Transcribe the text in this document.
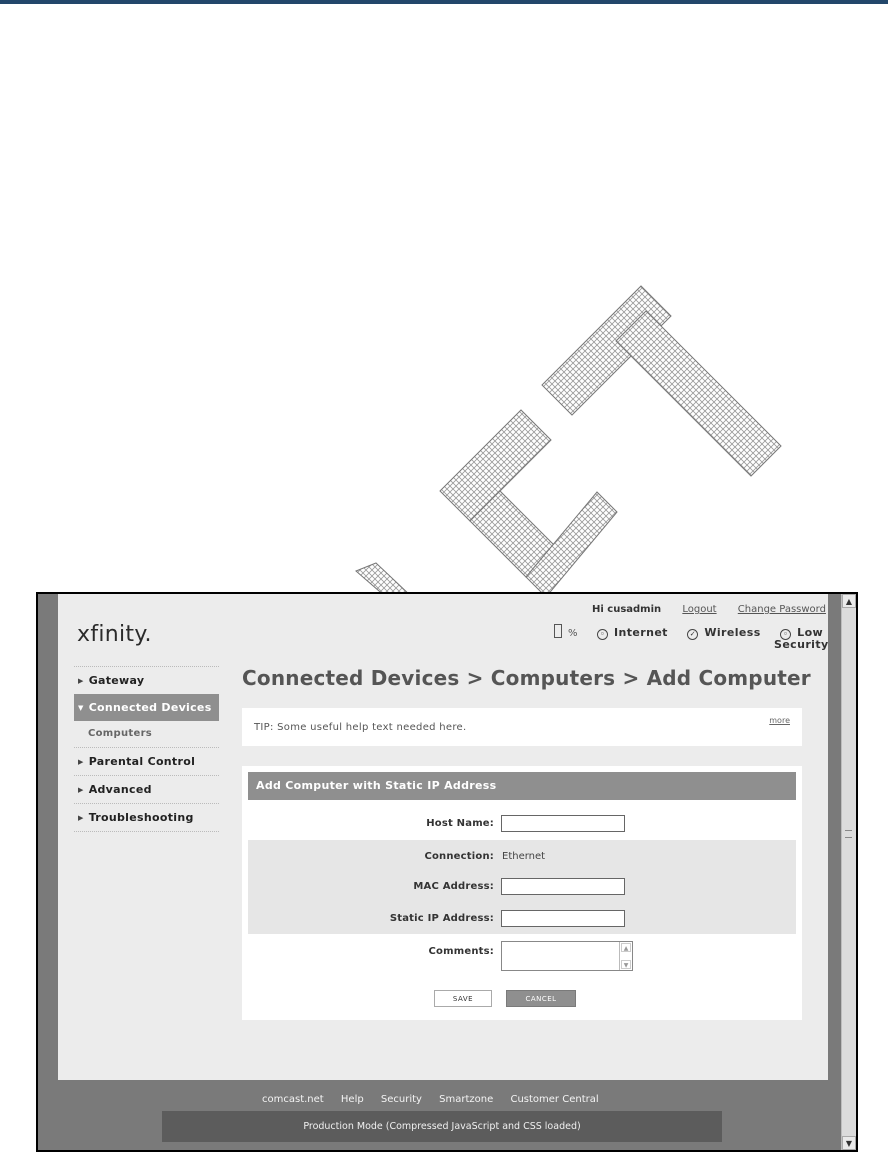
xfinity.
Hi cusadmin Logout Change Password
%	◦ Internet	✓ Wireless	◦ Low
Security
▶ Gateway
▼ Connected Devices
Computers
▶ Parental Control
▶ Advanced
▶ Troubleshooting
Connected Devices > Computers > Add Computer
TIP: Some useful help text needed here.
more
Add Computer with Static IP Address
Host Name:
Connection: Ethernet
MAC Address:
Static IP Address:
Comments:	▲
▼
SAVE	CANCEL
comcast.net Help Security Smartzone Customer Central
Production Mode (Compressed JavaScript and CSS loaded)
▲
▼
